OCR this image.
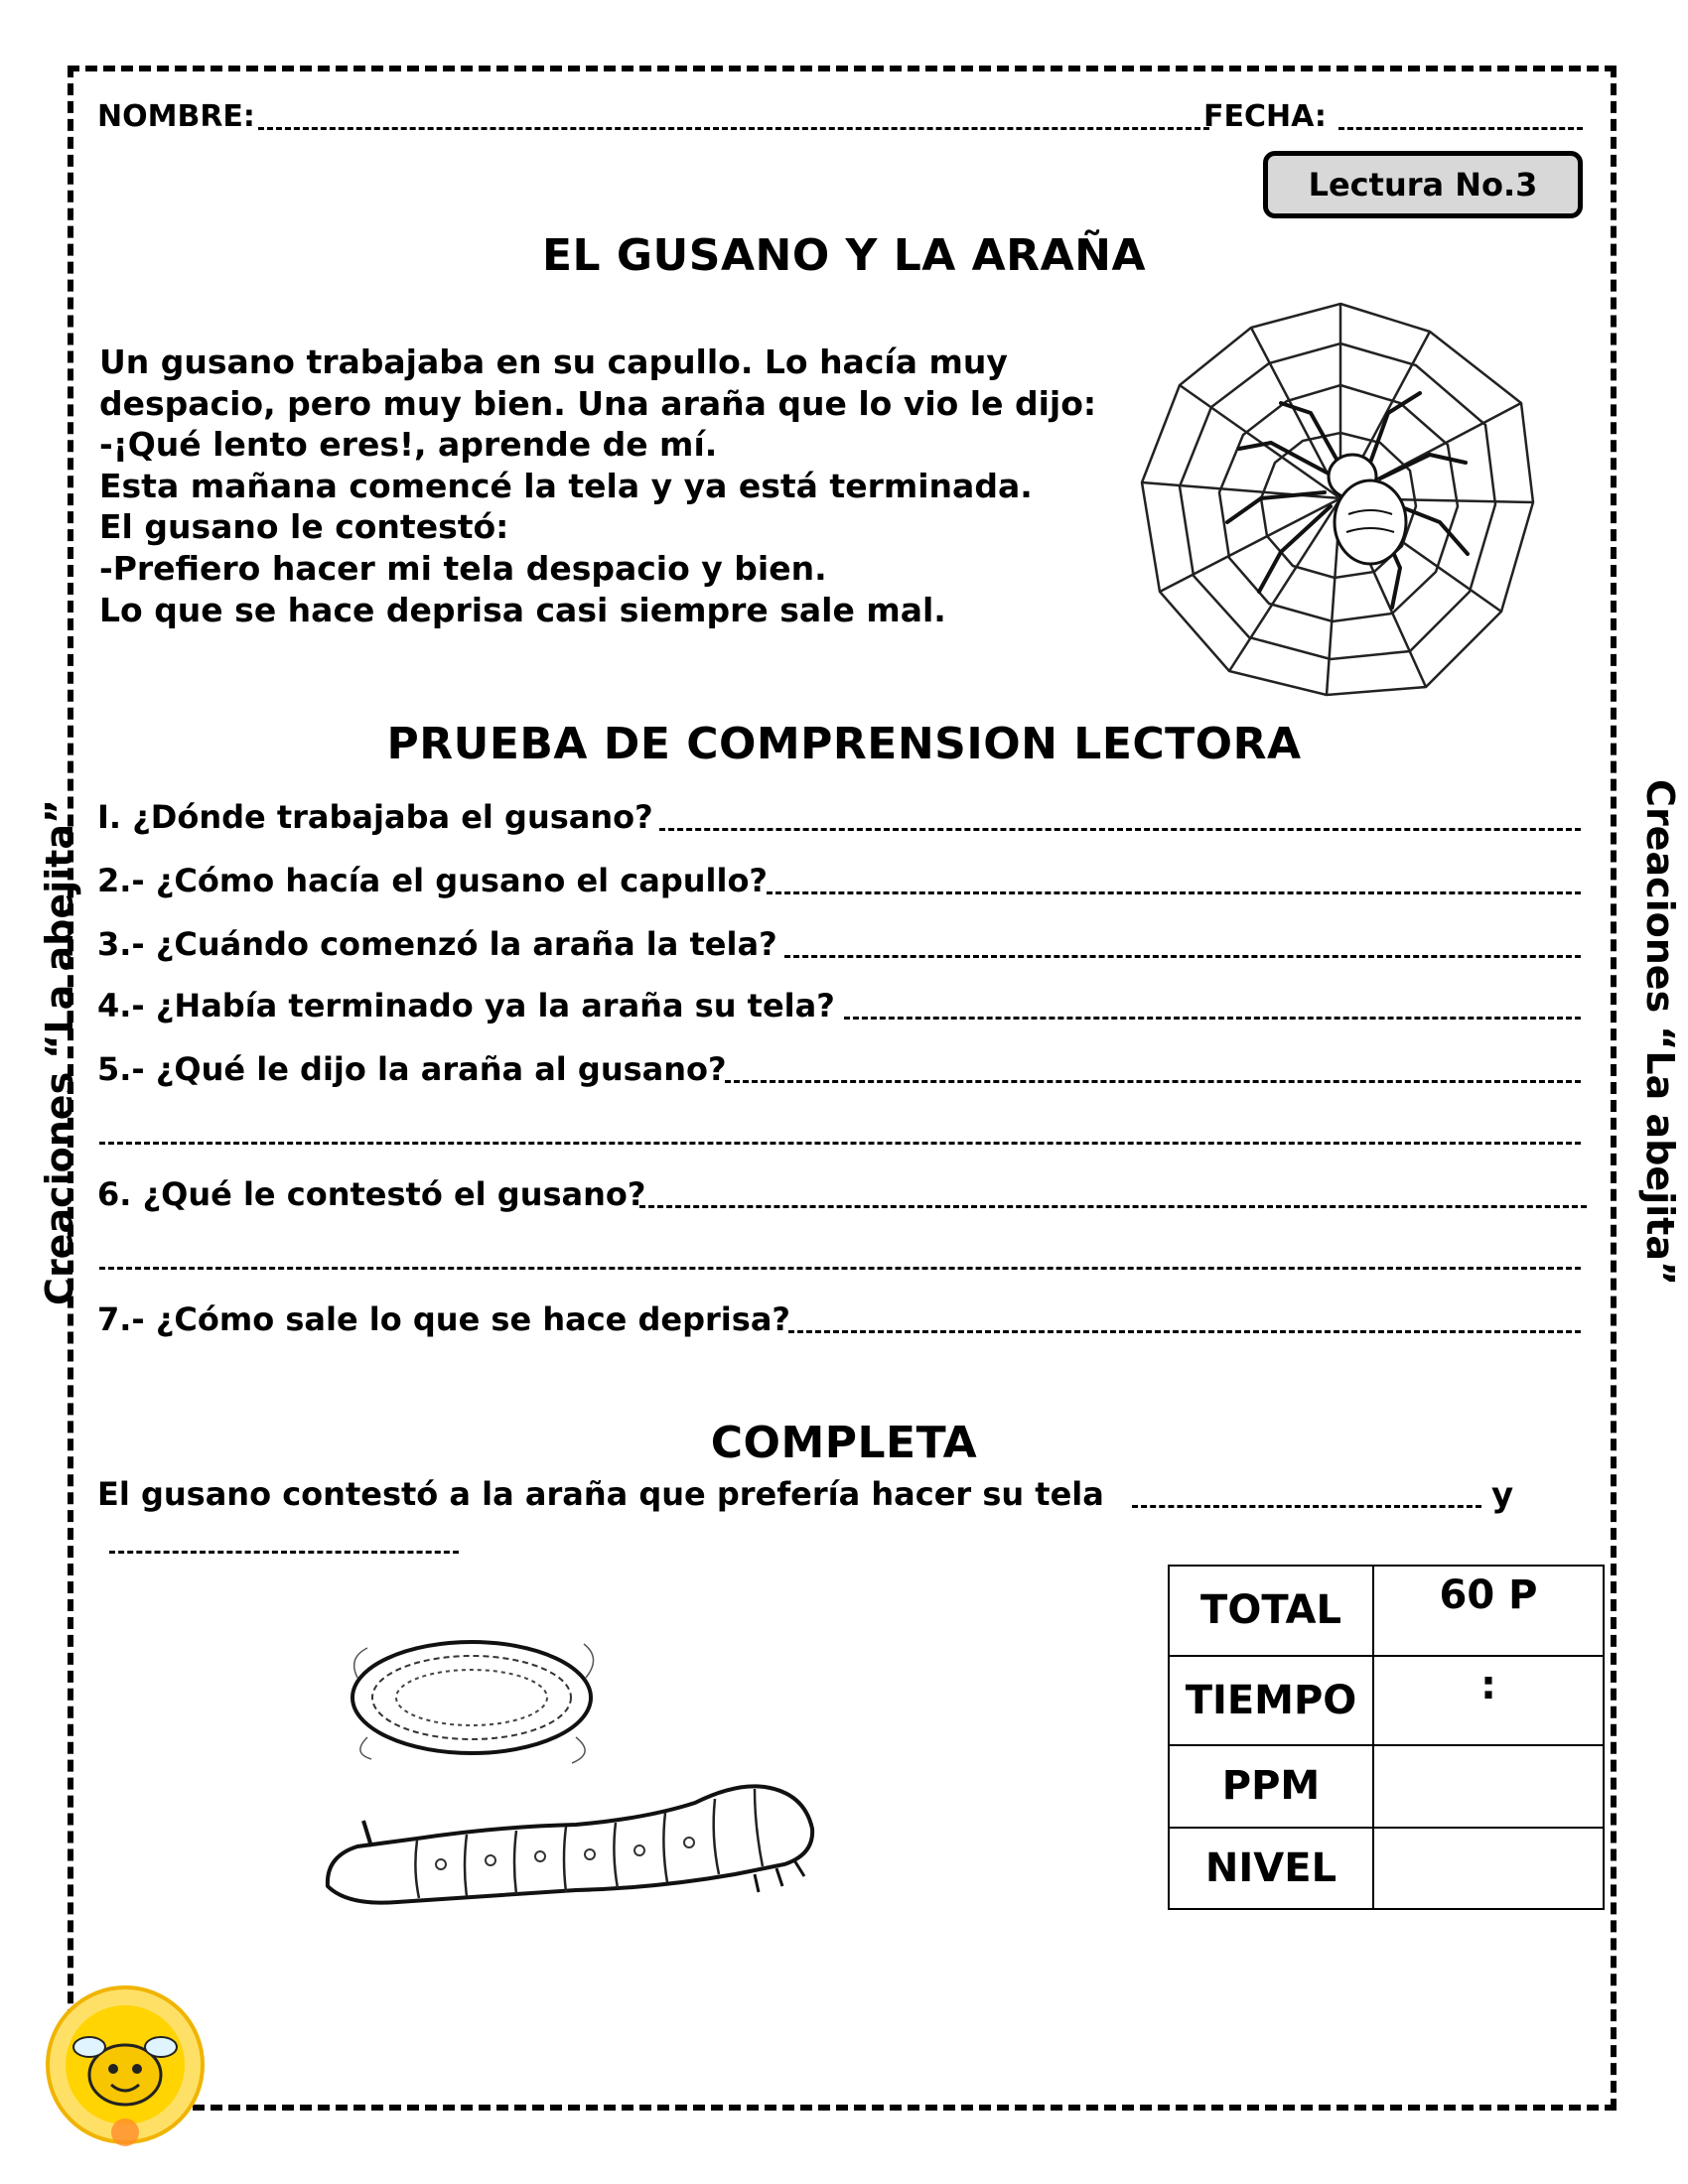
Creaciones “La abejita”	Creaciones “La abejita”
NOMBRE:	FECHA:
Lectura No.3
EL GUSANO Y LA ARAÑA
Un gusano trabajaba en su capullo. Lo hacía muy
despacio, pero muy bien. Una araña que lo vio le dijo:
-¡Qué lento eres!, aprende de mí.
Esta mañana comencé la tela y ya está terminada.
El gusano le contestó:
-Prefiero hacer mi tela despacio y bien.
Lo que se hace deprisa casi siempre sale mal.
PRUEBA DE COMPRENSION LECTORA
I. ¿Dónde trabajaba el gusano?
2.- ¿Cómo hacía el gusano el capullo?
3.- ¿Cuándo comenzó la araña la tela?
4.- ¿Había terminado ya la araña su tela?
5.- ¿Qué le dijo la araña al gusano?
6. ¿Qué le contestó el gusano?
7.- ¿Cómo sale lo que se hace deprisa?
COMPLETA
El gusano contestó a la araña que prefería hacer su tela	y
TOTAL	60 P
TIEMPO	:
PPM	
NIVEL	
